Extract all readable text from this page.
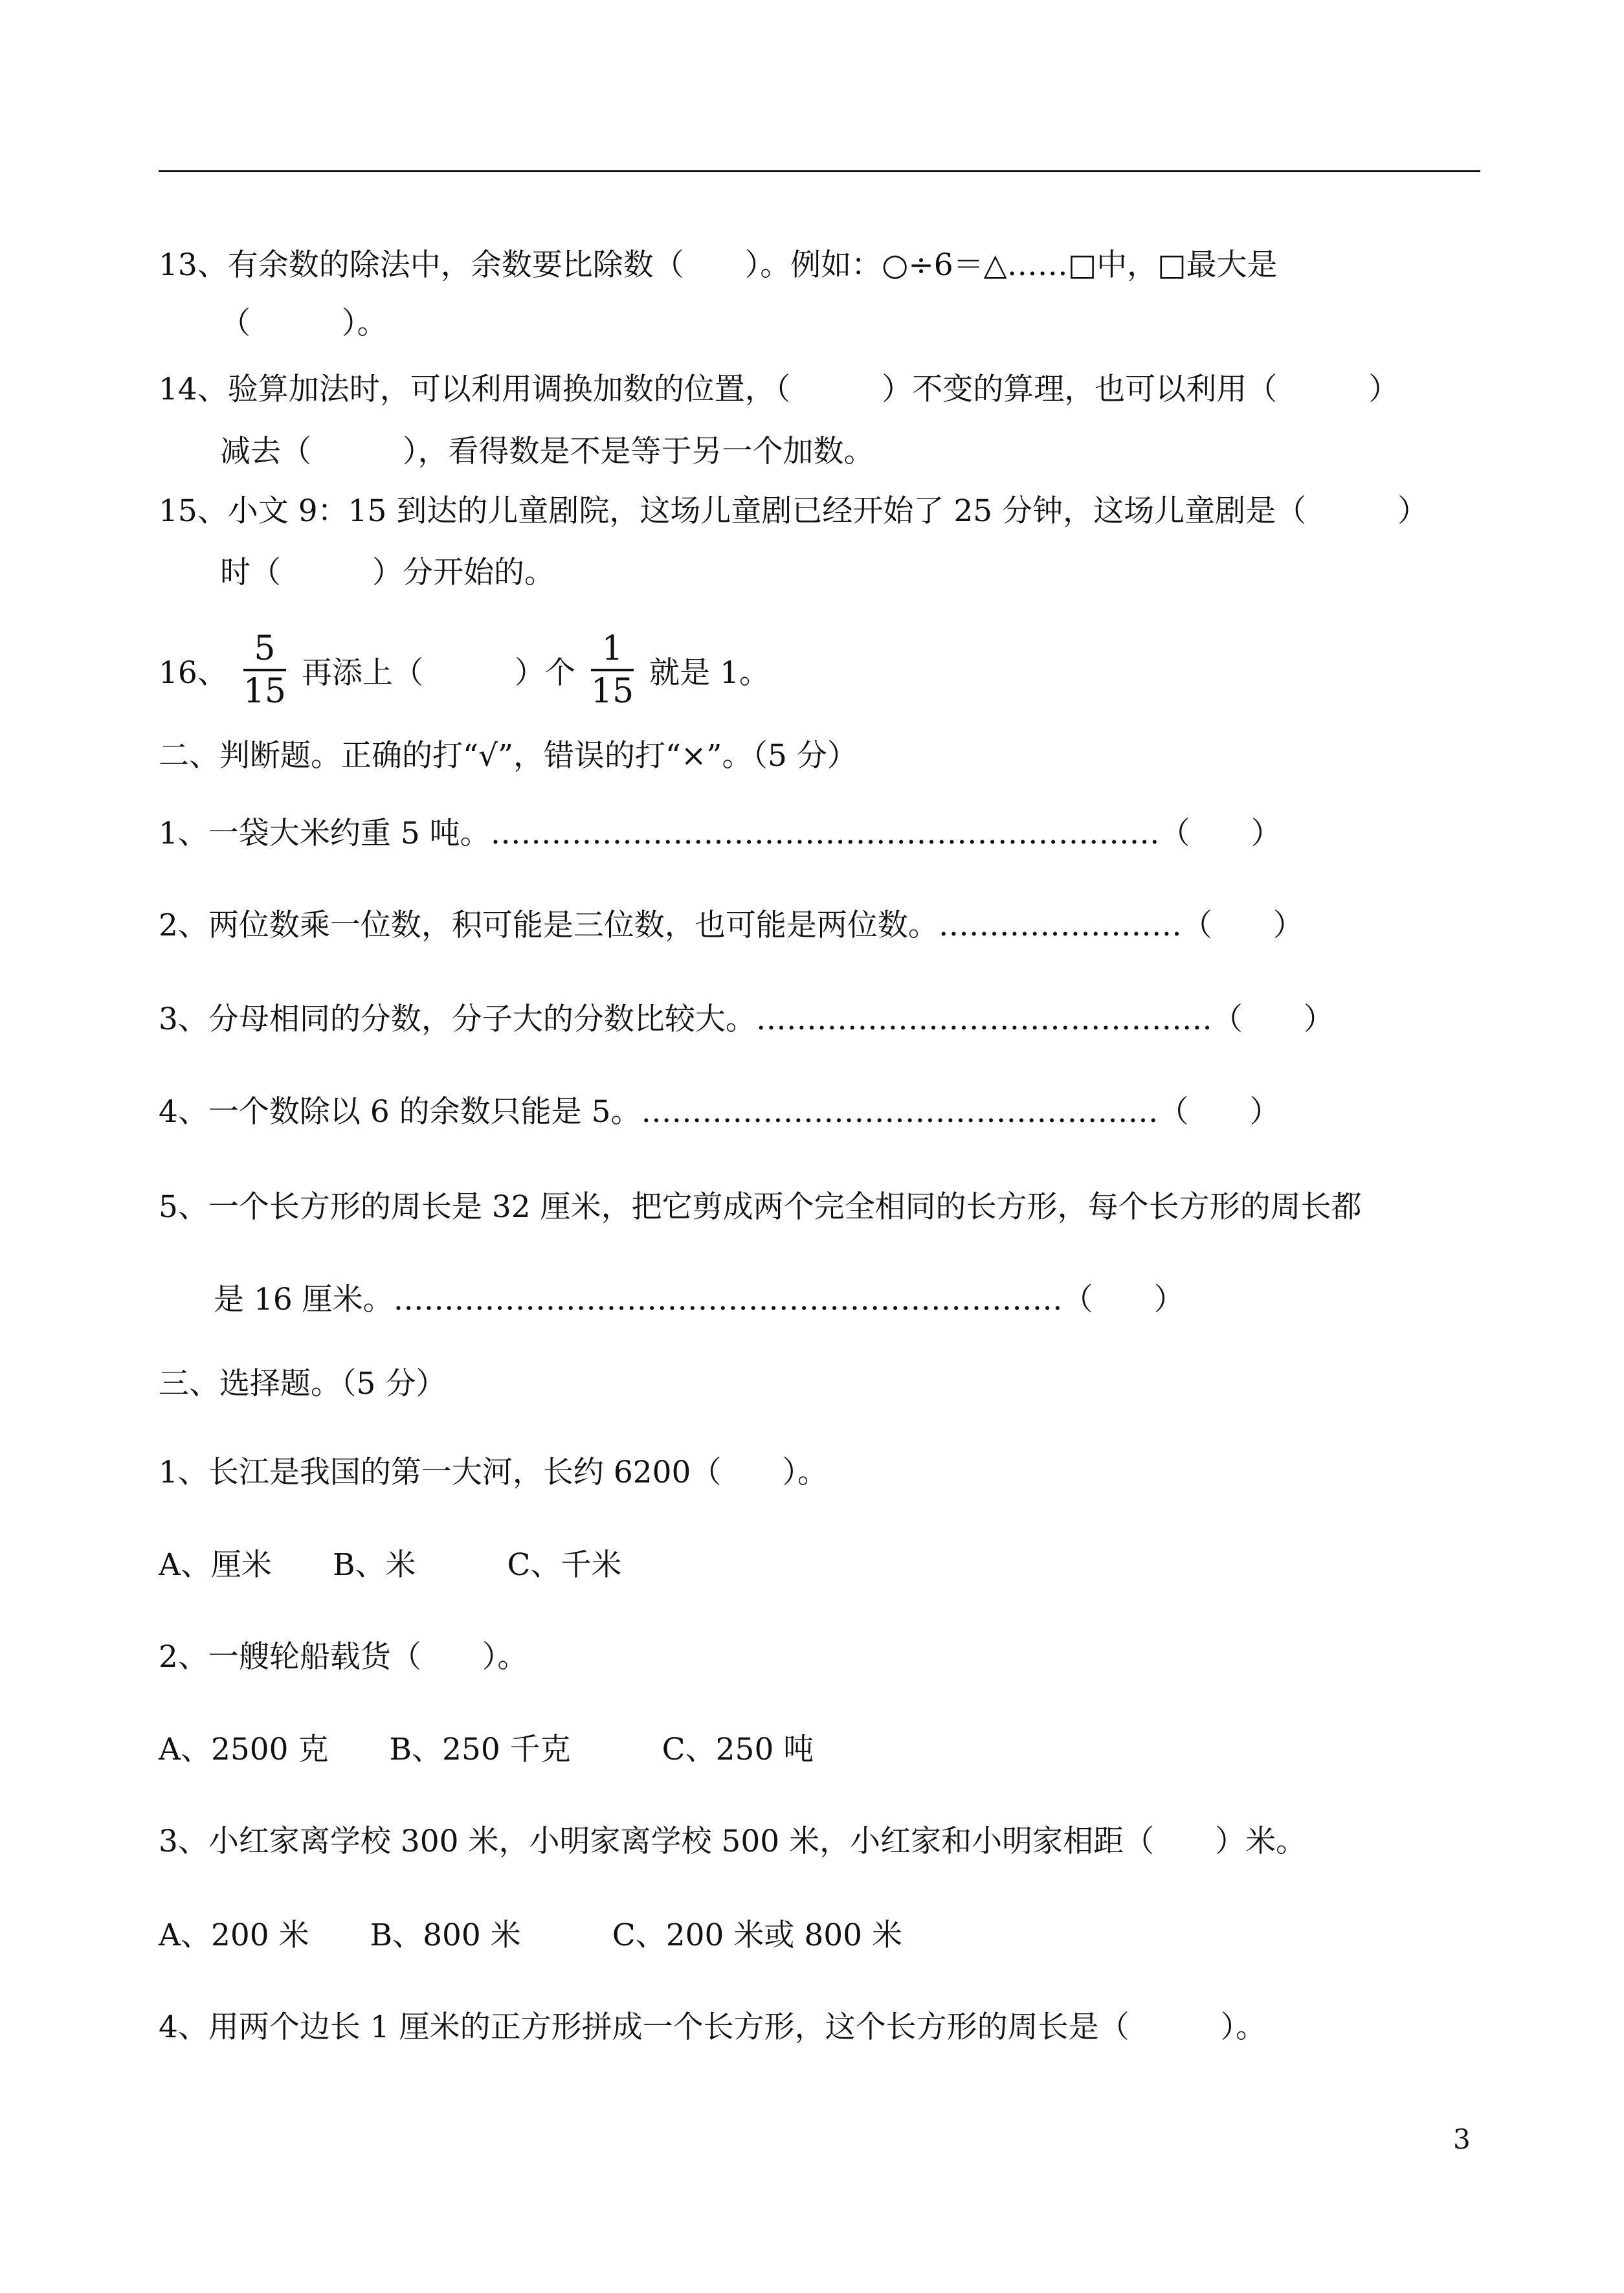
13、有余数的除法中，余数要比除数（　　）。例如：○÷6＝△……□中，□最大是
（　　　）。
14、验算加法时，可以利用调换加数的位置，（　　　）不变的算理，也可以利用（　　　）
减去（　　　），看得数是不是等于另一个加数。
15、小文 9：15 到达的儿童剧院，这场儿童剧已经开始了 25 分钟，这场儿童剧是（　　　）
时（　　　）分开始的。
16、 $\frac{5}{15}$ 再添上（　　　）个 $\frac{1}{15}$ 就是 1。
二、判断题。正确的打“√”，错误的打“×”。（5 分）
1、一袋大米约重 5 吨。…………………………………………………………（　　）
2、两位数乘一位数，积可能是三位数，也可能是两位数。……………………（　　）
3、分母相同的分数，分子大的分数比较大。………………………………………（　　）
4、一个数除以 6 的余数只能是 5。……………………………………………（　　）
5、一个长方形的周长是 32 厘米，把它剪成两个完全相同的长方形，每个长方形的周长都
是 16 厘米。…………………………………………………………（　　）
三、选择题。（5 分）
1、长江是我国的第一大河，长约 6200（　　）。
A、厘米　　B、米　　　C、千米
2、一艘轮船载货（　　）。
A、2500 克　　B、250 千克　　　C、250 吨
3、小红家离学校 300 米，小明家离学校 500 米，小红家和小明家相距（　　）米。
A、200 米　　B、800 米　　　C、200 米或 800 米
4、用两个边长 1 厘米的正方形拼成一个长方形，这个长方形的周长是（　　　）。
3
